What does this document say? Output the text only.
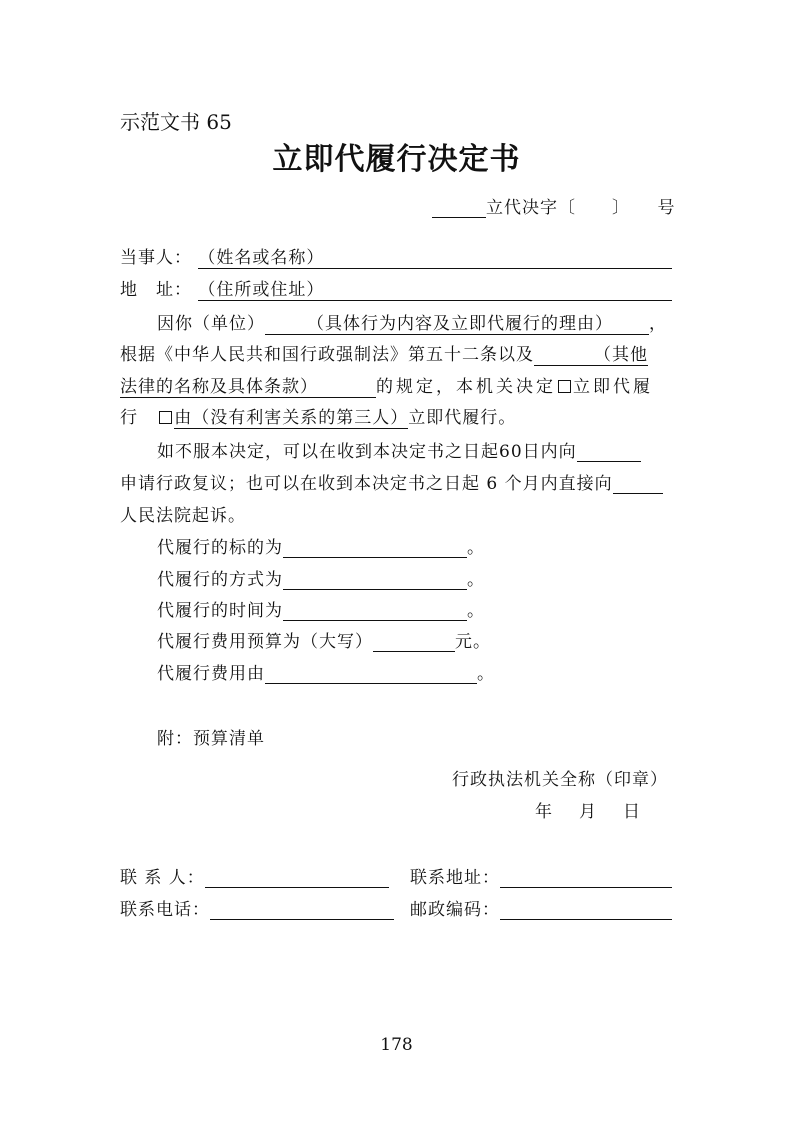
示范文书 65
立即代履行决定书
立代决字〔　　〕　　号
当事人： （姓名或名称）
地　址： （住所或住址）
因你（单位） （具体行为内容及立即代履行的理由） ，
根据《中华人民共和国行政强制法》第五十二条以及	（其他
法律的名称及具体条款）	的规定，本机关决定 立即代履
行 由（没有利害关系的第三人）立即代履行。
如不服本决定，可以在收到本决定书之日起60日内向
申请行政复议；也可以在收到本决定书之日起 6 个月内直接向
人民法院起诉。
代履行的标的为	。
代履行的方式为	。
代履行的时间为	。
代履行费用预算为（大写）	元。
代履行费用由	。
附：预算清单
行政执法机关全称（印章）
年　月　日
联 系 人：	联系地址：
联系电话：	邮政编码：
178
